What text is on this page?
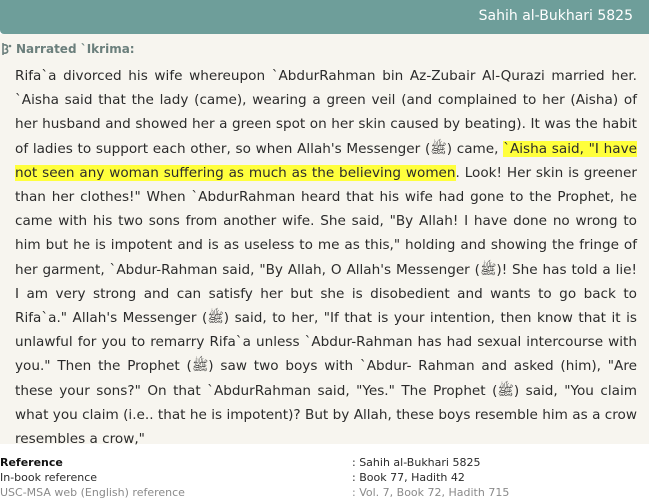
Sahih al-Bukhari 5825
Narrated `Ikrima:
Rifa`a divorced his wife whereupon `AbdurRahman bin Az-Zubair Al-Qurazi married her. `Aisha said that the lady (came), wearing a green veil (and complained to her (Aisha) of her husband and showed her a green spot on her skin caused by beating). It was the habit of ladies to support each other, so when Allah's Messenger (ﷺ) came, `Aisha said, "I have not seen any woman suffering as much as the believing women. Look! Her skin is greener than her clothes!" When `AbdurRahman heard that his wife had gone to the Prophet, he came with his two sons from another wife. She said, "By Allah! I have done no wrong to him but he is impotent and is as useless to me as this," holding and showing the fringe of her garment, `Abdur-Rahman said, "By Allah, O Allah's Messenger (ﷺ)! She has told a lie! I am very strong and can satisfy her but she is disobedient and wants to go back to Rifa`a." Allah's Messenger (ﷺ) said, to her, "If that is your intention, then know that it is unlawful for you to remarry Rifa`a unless `Abdur-Rahman has had sexual intercourse with you." Then the Prophet (ﷺ) saw two boys with `Abdur- Rahman and asked (him), "Are these your sons?" On that `AbdurRahman said, "Yes." The Prophet (ﷺ) said, "You claim what you claim (i.e.. that he is impotent)? But by Allah, these boys resemble him as a crow resembles a crow,"
Reference	: Sahih al-Bukhari 5825
In-book reference	: Book 77, Hadith 42
USC-MSA web (English) reference	: Vol. 7, Book 72, Hadith 715
